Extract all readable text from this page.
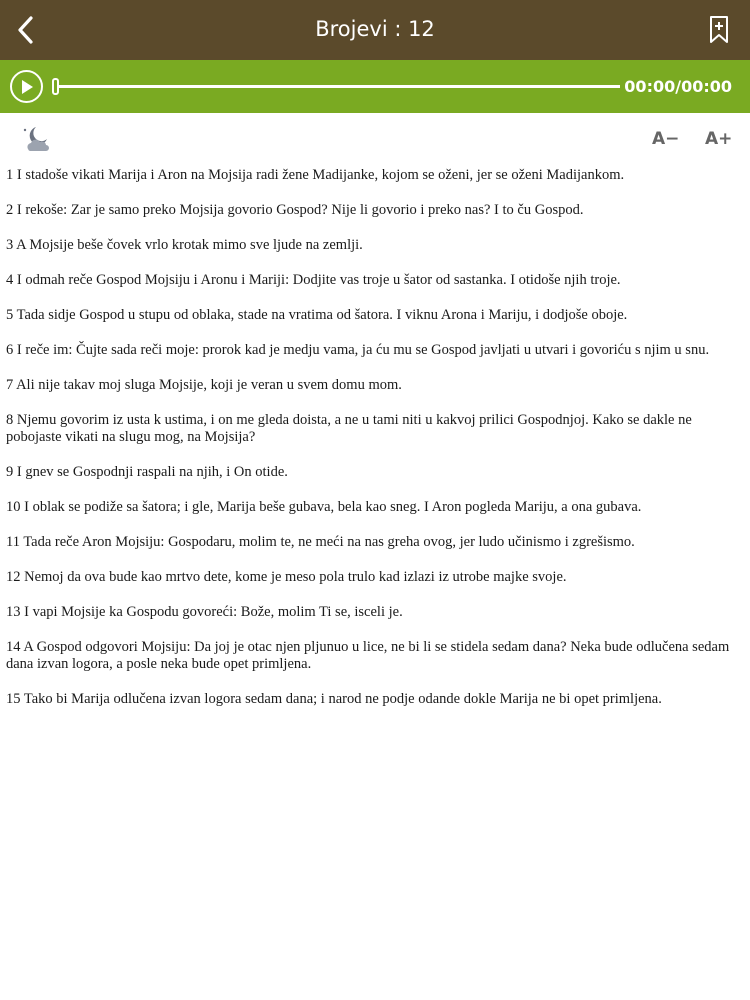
Brojevi : 12
00:00/00:00
A− A+

1 I stadoše vikati Marija i Aron na Mojsija radi žene Madijanke, kojom se oženi, jer se oženi Madijankom.

2 I rekoše: Zar je samo preko Mojsija govorio Gospod? Nije li govorio i preko nas? I to ču Gospod.

3 A Mojsije beše čovek vrlo krotak mimo sve ljude na zemlji.

4 I odmah reče Gospod Mojsiju i Aronu i Mariji: Dodjite vas troje u šator od sastanka. I otidoše njih troje.

5 Tada sidje Gospod u stupu od oblaka, stade na vratima od šatora. I viknu Arona i Mariju, i dodjoše oboje.

6 I reče im: Čujte sada reči moje: prorok kad je medju vama, ja ću mu se Gospod javljati u utvari i govoriću s njim u snu.

7 Ali nije takav moj sluga Mojsije, koji je veran u svem domu mom.

8 Njemu govorim iz usta k ustima, i on me gleda doista, a ne u tami niti u kakvoj prilici Gospodnjoj. Kako se dakle ne pobojaste vikati na slugu mog, na Mojsija?

9 I gnev se Gospodnji raspali na njih, i On otide.

10 I oblak se podiže sa šatora; i gle, Marija beše gubava, bela kao sneg. I Aron pogleda Mariju, a ona gubava.

11 Tada reče Aron Mojsiju: Gospodaru, molim te, ne meći na nas greha ovog, jer ludo učinismo i zgrešismo.

12 Nemoj da ova bude kao mrtvo dete, kome je meso pola trulo kad izlazi iz utrobe majke svoje.

13 I vapi Mojsije ka Gospodu govoreći: Bože, molim Ti se, isceli je.

14 A Gospod odgovori Mojsiju: Da joj je otac njen pljunuo u lice, ne bi li se stidela sedam dana? Neka bude odlučena sedam dana izvan logora, a posle neka bude opet primljena.

15 Tako bi Marija odlučena izvan logora sedam dana; i narod ne podje odande dokle Marija ne bi opet primljena.
